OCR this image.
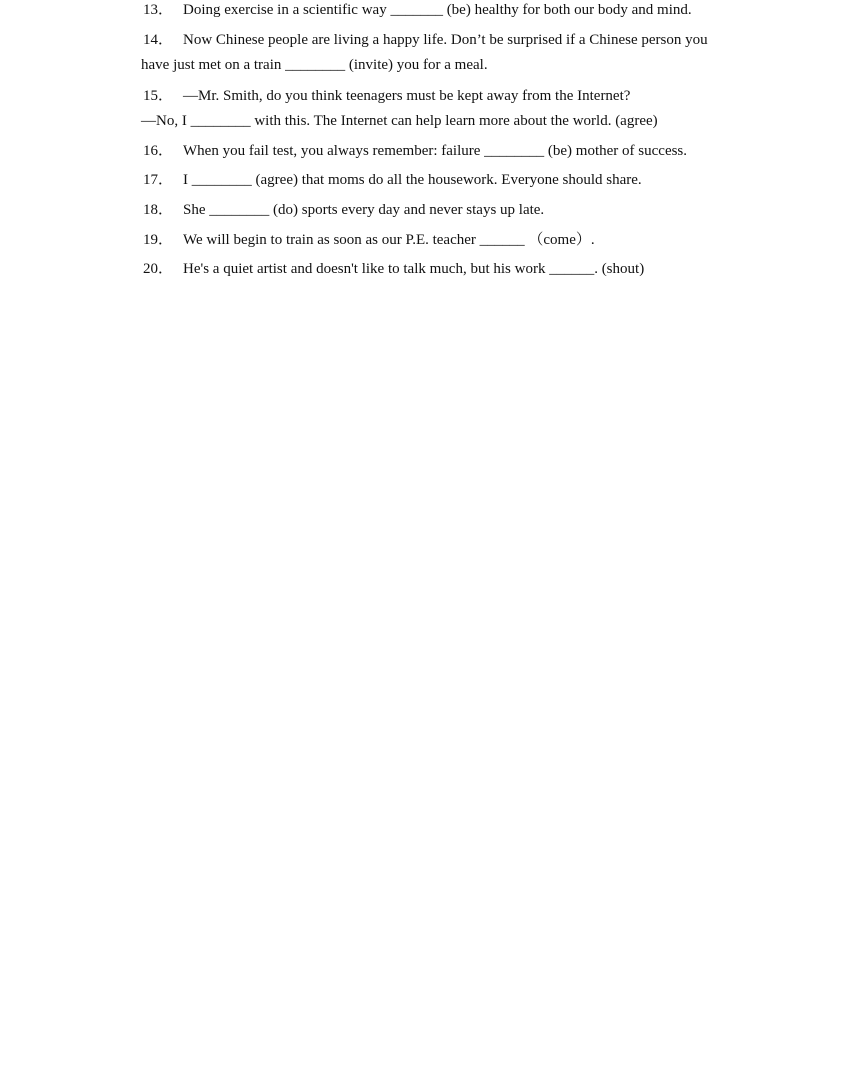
13． Doing exercise in a scientific way _______ (be) healthy for both our body and mind.
14． Now Chinese people are living a happy life. Don’t be surprised if a Chinese person you
have just met on a train ________ (invite) you for a meal.
15． —Mr. Smith, do you think teenagers must be kept away from the Internet?
—No, I ________ with this. The Internet can help learn more about the world. (agree)
16． When you fail test, you always remember: failure ________ (be) mother of success.
17． I ________ (agree) that moms do all the housework. Everyone should share.
18． She ________ (do) sports every day and never stays up late.
19． We will begin to train as soon as our P.E. teacher ______ （come）.
20． He's a quiet artist and doesn't like to talk much, but his work ______. (shout)
